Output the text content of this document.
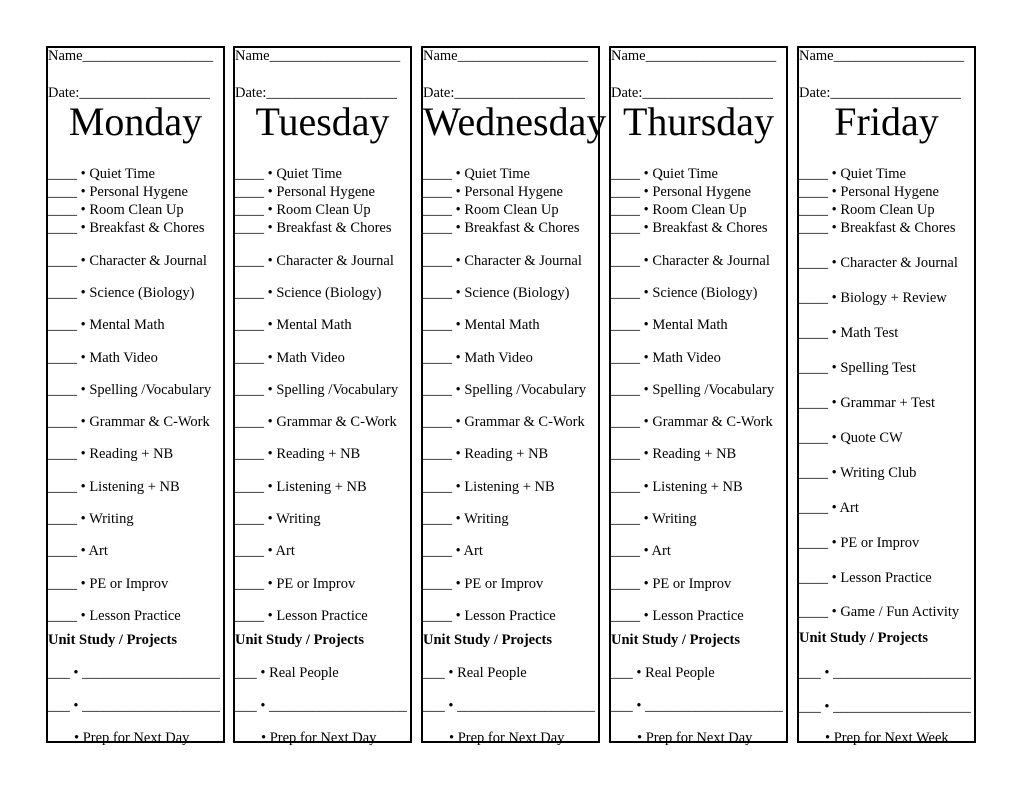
Name__________________
Date:__________________
Monday
____ • Quiet Time
____ • Personal Hygene
____ • Room Clean Up
____ • Breakfast & Chores
____ • Character & Journal
____ • Science (Biology)
____ • Mental Math
____ • Math Video
____ • Spelling /Vocabulary
____ • Grammar & C-Work
____ • Reading + NB
____ • Listening + NB
____ • Writing
____ • Art
____ • PE or Improv
____ • Lesson Practice
Unit Study / Projects
___ • ___________________
___ • ___________________
• Prep for Next Day
Name__________________
Date:__________________
Tuesday
____ • Quiet Time
____ • Personal Hygene
____ • Room Clean Up
____ • Breakfast & Chores
____ • Character & Journal
____ • Science (Biology)
____ • Mental Math
____ • Math Video
____ • Spelling /Vocabulary
____ • Grammar & C-Work
____ • Reading + NB
____ • Listening + NB
____ • Writing
____ • Art
____ • PE or Improv
____ • Lesson Practice
Unit Study / Projects
___ • Real People
___ • ___________________
• Prep for Next Day
Name__________________
Date:__________________
Wednesday
____ • Quiet Time
____ • Personal Hygene
____ • Room Clean Up
____ • Breakfast & Chores
____ • Character & Journal
____ • Science (Biology)
____ • Mental Math
____ • Math Video
____ • Spelling /Vocabulary
____ • Grammar & C-Work
____ • Reading + NB
____ • Listening + NB
____ • Writing
____ • Art
____ • PE or Improv
____ • Lesson Practice
Unit Study / Projects
___ • Real People
___ • ___________________
• Prep for Next Day
Name__________________
Date:__________________
Thursday
____ • Quiet Time
____ • Personal Hygene
____ • Room Clean Up
____ • Breakfast & Chores
____ • Character & Journal
____ • Science (Biology)
____ • Mental Math
____ • Math Video
____ • Spelling /Vocabulary
____ • Grammar & C-Work
____ • Reading + NB
____ • Listening + NB
____ • Writing
____ • Art
____ • PE or Improv
____ • Lesson Practice
Unit Study / Projects
___ • Real People
___ • ___________________
• Prep for Next Day
Name__________________
Date:__________________
Friday
____ • Quiet Time
____ • Personal Hygene
____ • Room Clean Up
____ • Breakfast & Chores
____ • Character & Journal
____ • Biology + Review
____ • Math Test
____ • Spelling Test
____ • Grammar + Test
____ • Quote CW
____ • Writing Club
____ • Art
____ • PE or Improv
____ • Lesson Practice
____ • Game / Fun Activity
Unit Study / Projects
___ • ___________________
___ • ___________________
• Prep for Next Week
